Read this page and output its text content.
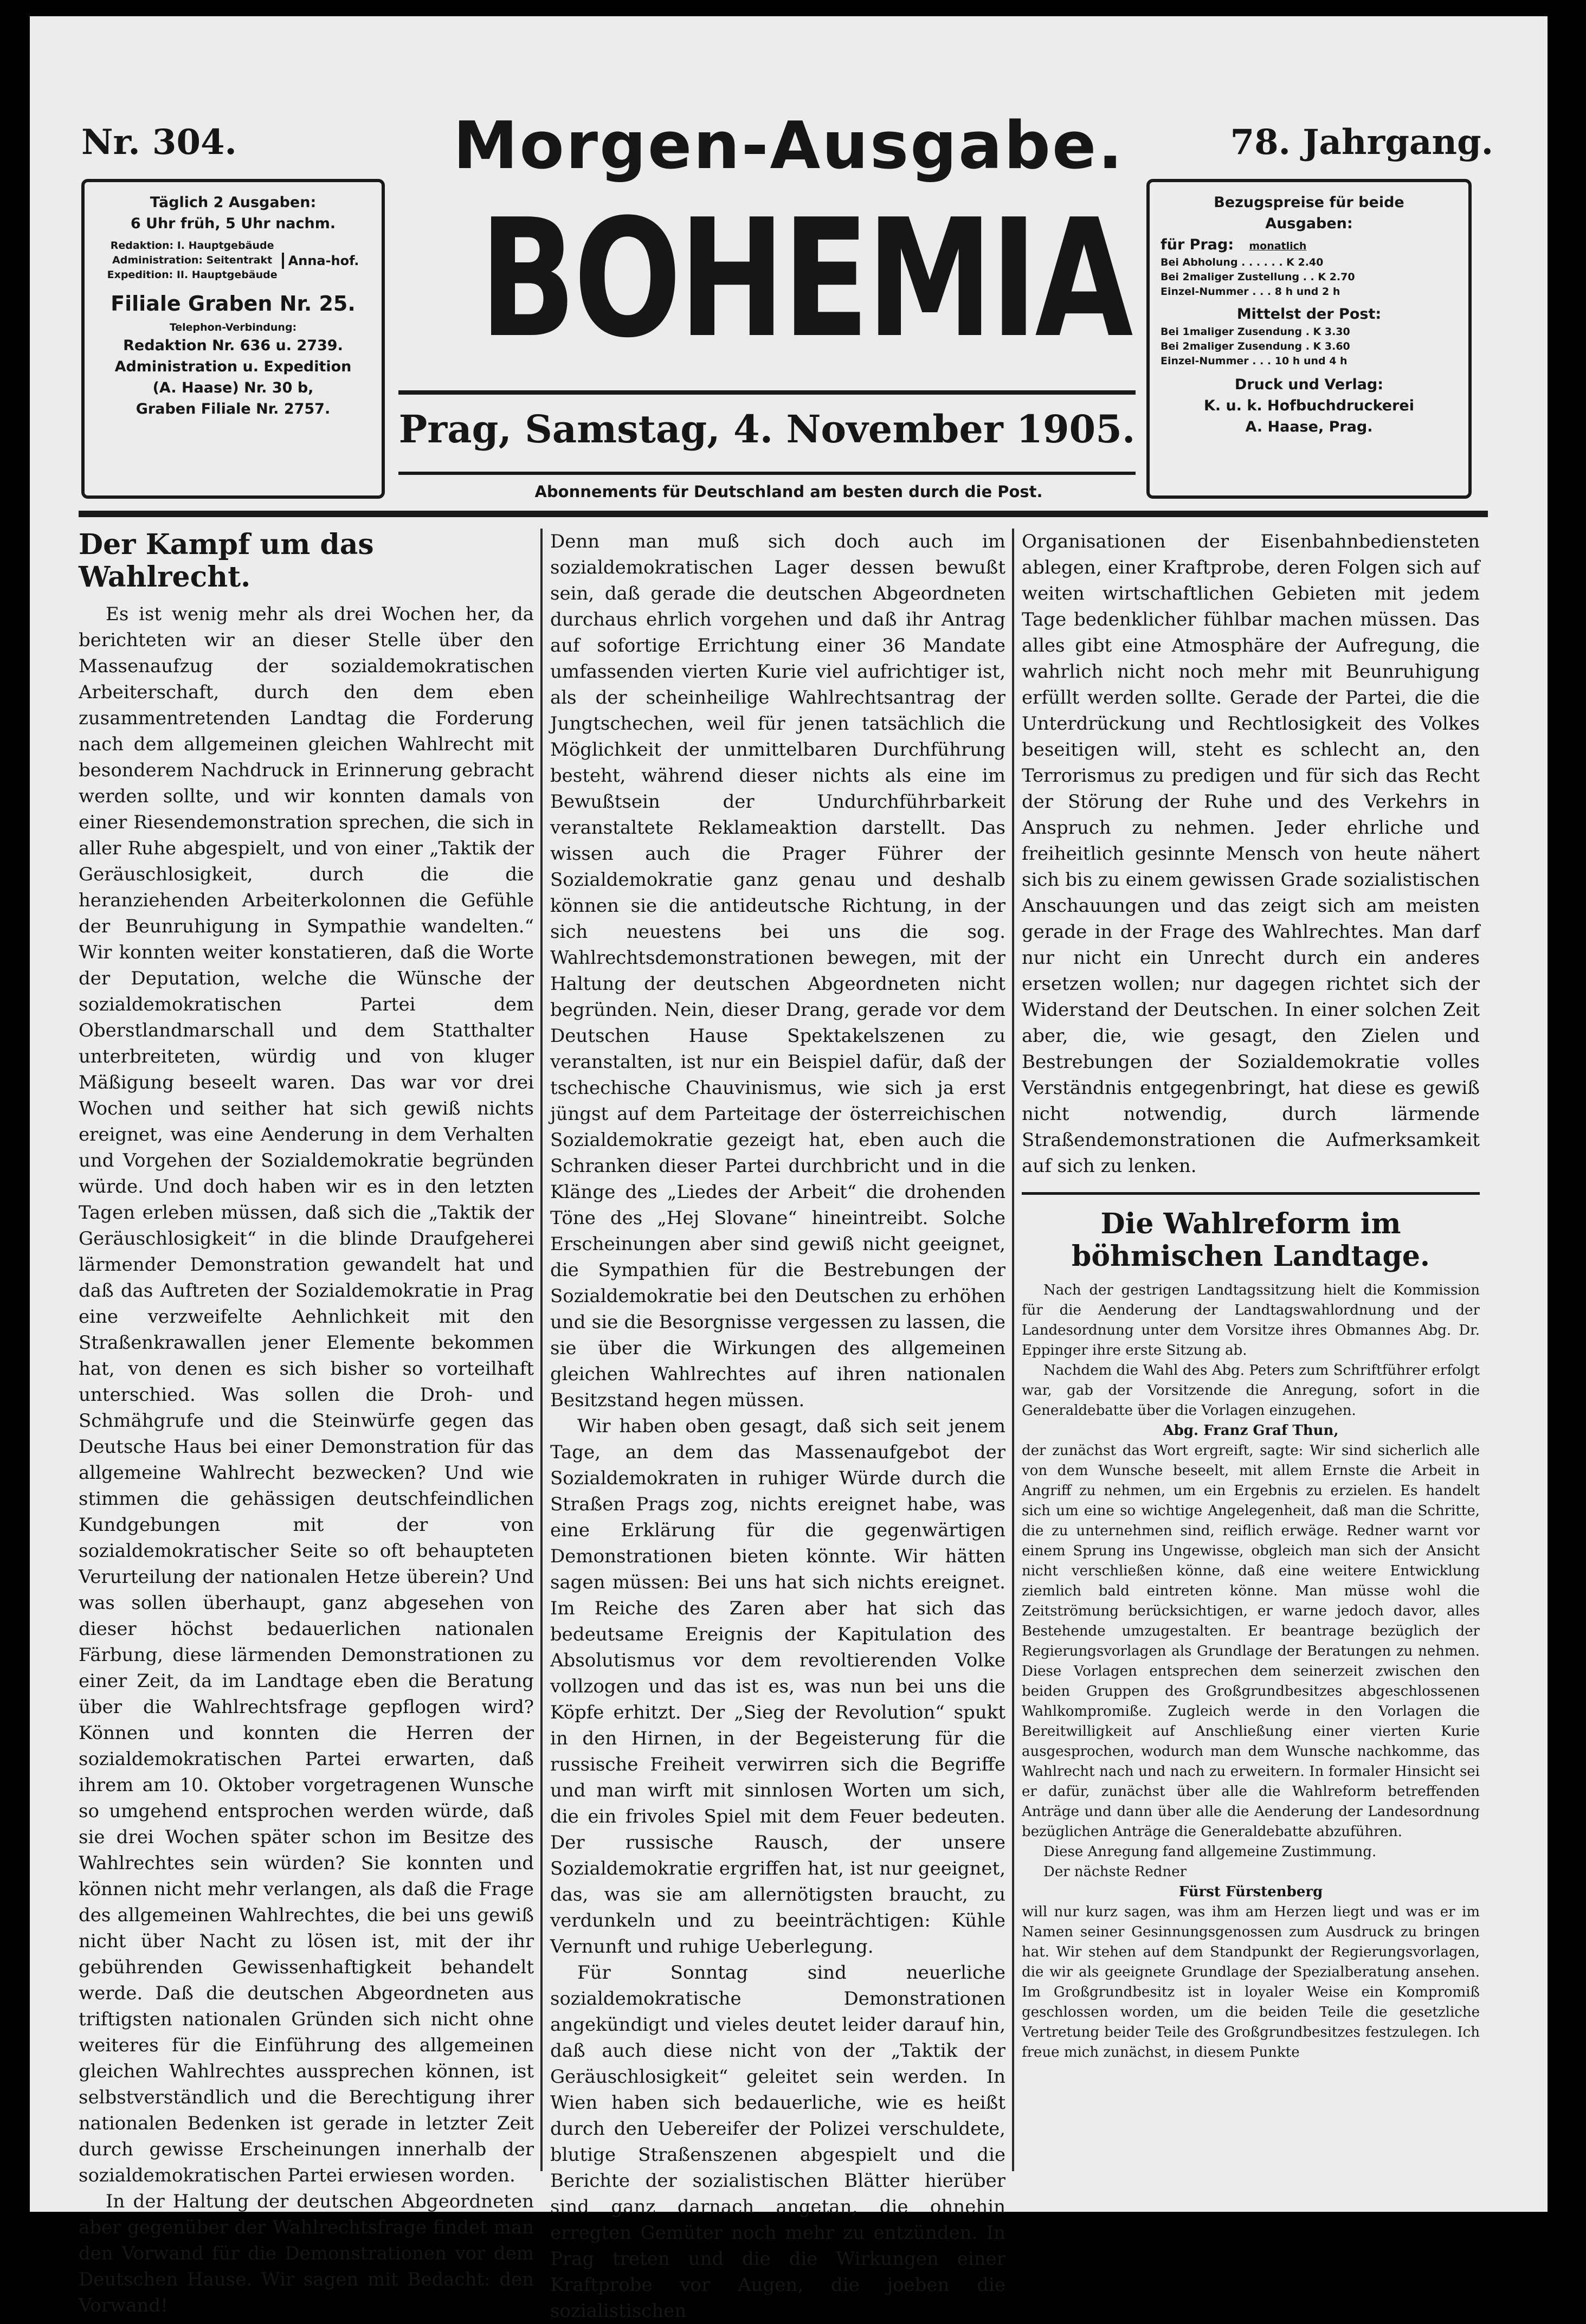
Nr. 304.	Morgen-Ausgabe.	78. Jahrgang.
Täglich 2 Ausgaben:
6 Uhr früh, 5 Uhr nachm.
Redaktion: I. Hauptgebäude
Administration: Seitentrakt
Expedition: II. Hauptgebäude
Anna-hof.
Filiale Graben Nr. 25.
Telephon-Verbindung:
Redaktion Nr. 636 u. 2739.
Administration u. Expedition
(A. Haase) Nr. 30 b,
Graben Filiale Nr. 2757.
BOHEMIA
Prag, Samstag, 4. November 1905.
Bezugspreise für beide
Ausgaben:
für Prag: monatlich
Bei Abholung . . . . . . K 2.40
Bei 2maliger Zustellung . . K 2.70
Einzel-Nummer . . . 8 h und 2 h
Mittelst der Post:
Bei 1maliger Zusendung . K 3.30
Bei 2maliger Zusendung . K 3.60
Einzel-Nummer . . . 10 h und 4 h
Druck und Verlag:
K. u. k. Hofbuchdruckerei
A. Haase, Prag.
Abonnements für Deutschland am besten durch die Post.
Der Kampf um das Wahlrecht.

Es ist wenig mehr als drei Wochen her, da berichteten wir an dieser Stelle über den Massenaufzug der sozialdemokratischen Arbeiterschaft, durch den dem eben zusammentretenden Landtag die Forderung nach dem allgemeinen gleichen Wahlrecht mit besonderem Nachdruck in Erinnerung gebracht werden sollte, und wir konnten damals von einer Riesendemonstration sprechen, die sich in aller Ruhe abgespielt, und von einer „Taktik der Geräuschlosigkeit, durch die die heranziehenden Arbeiterkolonnen die Gefühle der Beunruhigung in Sympathie wandelten.“ Wir konnten weiter konstatieren, daß die Worte der Deputation, welche die Wünsche der sozialdemokratischen Partei dem Oberstlandmarschall und dem Statthalter unterbreiteten, würdig und von kluger Mäßigung beseelt waren. Das war vor drei Wochen und seither hat sich gewiß nichts ereignet, was eine Aenderung in dem Verhalten und Vorgehen der Sozialdemokratie begründen würde. Und doch haben wir es in den letzten Tagen erleben müssen, daß sich die „Taktik der Geräuschlosigkeit“ in die blinde Draufgeherei lärmender Demonstration gewandelt hat und daß das Auftreten der Sozialdemokratie in Prag eine verzweifelte Aehnlichkeit mit den Straßenkrawallen jener Elemente bekommen hat, von denen es sich bisher so vorteilhaft unterschied. Was sollen die Droh- und Schmähgrufe und die Steinwürfe gegen das Deutsche Haus bei einer Demonstration für das allgemeine Wahlrecht bezwecken? Und wie stimmen die gehässigen deutschfeindlichen Kundgebungen mit der von sozialdemokratischer Seite so oft behaupteten Verurteilung der nationalen Hetze überein? Und was sollen überhaupt, ganz abgesehen von dieser höchst bedauerlichen nationalen Färbung, diese lärmenden Demonstrationen zu einer Zeit, da im Landtage eben die Beratung über die Wahlrechtsfrage gepflogen wird? Können und konnten die Herren der sozialdemokratischen Partei erwarten, daß ihrem am 10. Oktober vorgetragenen Wunsche so umgehend entsprochen werden würde, daß sie drei Wochen später schon im Besitze des Wahlrechtes sein würden? Sie konnten und können nicht mehr verlangen, als daß die Frage des allgemeinen Wahlrechtes, die bei uns gewiß nicht über Nacht zu lösen ist, mit der ihr gebührenden Gewissenhaftigkeit behandelt werde. Daß die deutschen Abgeordneten aus triftigsten nationalen Gründen sich nicht ohne weiteres für die Einführung des allgemeinen gleichen Wahlrechtes aussprechen können, ist selbstverständlich und die Berechtigung ihrer nationalen Bedenken ist gerade in letzter Zeit durch gewisse Erscheinungen innerhalb der sozialdemokratischen Partei erwiesen worden.

In der Haltung der deutschen Abgeordneten aber gegenüber der Wahlrechtsfrage findet man den Vorwand für die Demonstrationen vor dem Deutschen Hause. Wir sagen mit Bedacht: den Vorwand!

Denn man muß sich doch auch im sozialdemokratischen Lager dessen bewußt sein, daß gerade die deutschen Abgeordneten durchaus ehrlich vorgehen und daß ihr Antrag auf sofortige Errichtung einer 36 Mandate umfassenden vierten Kurie viel aufrichtiger ist, als der scheinheilige Wahlrechtsantrag der Jungtschechen, weil für jenen tatsächlich die Möglichkeit der unmittelbaren Durchführung besteht, während dieser nichts als eine im Bewußtsein der Undurchführbarkeit veranstaltete Reklameaktion darstellt. Das wissen auch die Prager Führer der Sozialdemokratie ganz genau und deshalb können sie die antideutsche Richtung, in der sich neuestens bei uns die sog. Wahlrechtsdemonstrationen bewegen, mit der Haltung der deutschen Abgeordneten nicht begründen. Nein, dieser Drang, gerade vor dem Deutschen Hause Spektakelszenen zu veranstalten, ist nur ein Beispiel dafür, daß der tschechische Chauvinismus, wie sich ja erst jüngst auf dem Parteitage der österreichischen Sozialdemokratie gezeigt hat, eben auch die Schranken dieser Partei durchbricht und in die Klänge des „Liedes der Arbeit“ die drohenden Töne des „Hej Slovane“ hineintreibt. Solche Erscheinungen aber sind gewiß nicht geeignet, die Sympathien für die Bestrebungen der Sozialdemokratie bei den Deutschen zu erhöhen und sie die Besorgnisse vergessen zu lassen, die sie über die Wirkungen des allgemeinen gleichen Wahlrechtes auf ihren nationalen Besitzstand hegen müssen.

Wir haben oben gesagt, daß sich seit jenem Tage, an dem das Massenaufgebot der Sozialdemokraten in ruhiger Würde durch die Straßen Prags zog, nichts ereignet habe, was eine Erklärung für die gegenwärtigen Demonstrationen bieten könnte. Wir hätten sagen müssen: Bei uns hat sich nichts ereignet. Im Reiche des Zaren aber hat sich das bedeutsame Ereignis der Kapitulation des Absolutismus vor dem revoltierenden Volke vollzogen und das ist es, was nun bei uns die Köpfe erhitzt. Der „Sieg der Revolution“ spukt in den Hirnen, in der Begeisterung für die russische Freiheit verwirren sich die Begriffe und man wirft mit sinnlosen Worten um sich, die ein frivoles Spiel mit dem Feuer bedeuten. Der russische Rausch, der unsere Sozialdemokratie ergriffen hat, ist nur geeignet, das, was sie am allernötigsten braucht, zu verdunkeln und zu beeinträchtigen: Kühle Vernunft und ruhige Ueberlegung.

Für Sonntag sind neuerliche sozialdemokratische Demonstrationen angekündigt und vieles deutet leider darauf hin, daß auch diese nicht von der „Taktik der Geräuschlosigkeit“ geleitet sein werden. In Wien haben sich bedauerliche, wie es heißt durch den Uebereifer der Polizei verschuldete, blutige Straßenszenen abgespielt und die Berichte der sozialistischen Blätter hierüber sind ganz darnach angetan, die ohnehin erregten Gemüter noch mehr zu entzünden. In Prag treten und die die Wirkungen einer Kraftprobe vor Augen, die joeben die sozialistischen

Organisationen der Eisenbahnbediensteten ablegen, einer Kraftprobe, deren Folgen sich auf weiten wirtschaftlichen Gebieten mit jedem Tage bedenklicher fühlbar machen müssen. Das alles gibt eine Atmosphäre der Aufregung, die wahrlich nicht noch mehr mit Beunruhigung erfüllt werden sollte. Gerade der Partei, die die Unterdrückung und Rechtlosigkeit des Volkes beseitigen will, steht es schlecht an, den Terrorismus zu predigen und für sich das Recht der Störung der Ruhe und des Verkehrs in Anspruch zu nehmen. Jeder ehrliche und freiheitlich gesinnte Mensch von heute nähert sich bis zu einem gewissen Grade sozialistischen Anschauungen und das zeigt sich am meisten gerade in der Frage des Wahlrechtes. Man darf nur nicht ein Unrecht durch ein anderes ersetzen wollen; nur dagegen richtet sich der Widerstand der Deutschen. In einer solchen Zeit aber, die, wie gesagt, den Zielen und Bestrebungen der Sozialdemokratie volles Verständnis entgegenbringt, hat diese es gewiß nicht notwendig, durch lärmende Straßendemonstrationen die Aufmerksamkeit auf sich zu lenken.

Die Wahlreform im böhmischen Landtage.

Nach der gestrigen Landtagssitzung hielt die Kommission für die Aenderung der Landtagswahlordnung und der Landesordnung unter dem Vorsitze ihres Obmannes Abg. Dr. Eppinger ihre erste Sitzung ab.

Nachdem die Wahl des Abg. Peters zum Schriftführer erfolgt war, gab der Vorsitzende die Anregung, sofort in die Generaldebatte über die Vorlagen einzugehen.

Abg. Franz Graf Thun,

der zunächst das Wort ergreift, sagte: Wir sind sicherlich alle von dem Wunsche beseelt, mit allem Ernste die Arbeit in Angriff zu nehmen, um ein Ergebnis zu erzielen. Es handelt sich um eine so wichtige Angelegenheit, daß man die Schritte, die zu unternehmen sind, reiflich erwäge. Redner warnt vor einem Sprung ins Ungewisse, obgleich man sich der Ansicht nicht verschließen könne, daß eine weitere Entwicklung ziemlich bald eintreten könne. Man müsse wohl die Zeitströmung berücksichtigen, er warne jedoch davor, alles Bestehende umzugestalten. Er beantrage bezüglich der Regierungsvorlagen als Grundlage der Beratungen zu nehmen. Diese Vorlagen entsprechen dem seinerzeit zwischen den beiden Gruppen des Großgrundbesitzes abgeschlossenen Wahlkompromiße. Zugleich werde in den Vorlagen die Bereitwilligkeit auf Anschließung einer vierten Kurie ausgesprochen, wodurch man dem Wunsche nachkomme, das Wahlrecht nach und nach zu erweitern. In formaler Hinsicht sei er dafür, zunächst über alle die Wahlreform betreffenden Anträge und dann über alle die Aenderung der Landesordnung bezüglichen Anträge die Generaldebatte abzuführen.

Diese Anregung fand allgemeine Zustimmung.

Der nächste Redner

Fürst Fürstenberg

will nur kurz sagen, was ihm am Herzen liegt und was er im Namen seiner Gesinnungsgenossen zum Ausdruck zu bringen hat. Wir stehen auf dem Standpunkt der Regierungsvorlagen, die wir als geeignete Grundlage der Spezialberatung ansehen. Im Großgrundbesitz ist in loyaler Weise ein Kompromiß geschlossen worden, um die beiden Teile die gesetzliche Vertretung beider Teile des Großgrundbesitzes festzulegen. Ich freue mich zunächst, in diesem Punkte
